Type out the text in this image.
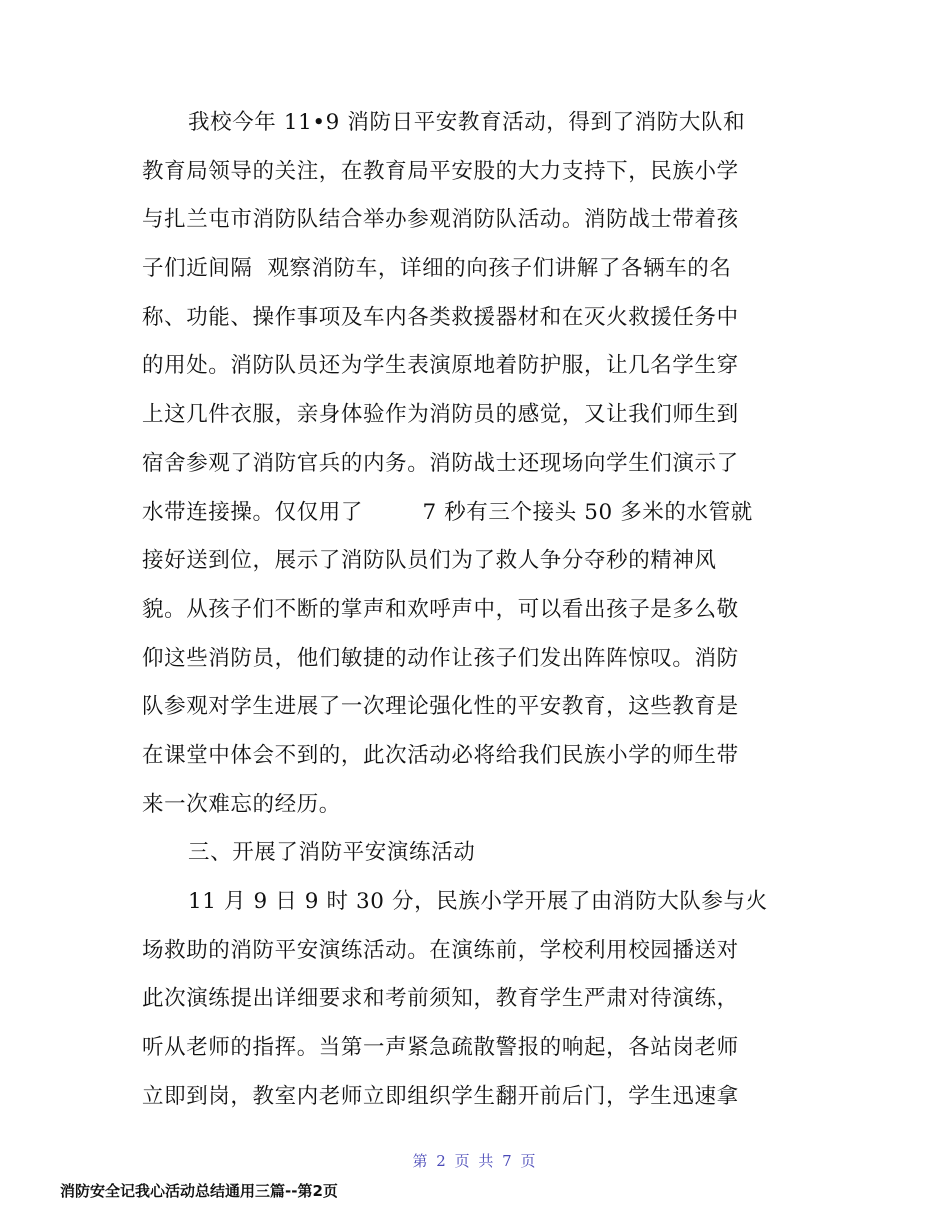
我校今年 11•9 消防日平安教育活动，得到了消防大队和
教育局领导的关注，在教育局平安股的大力支持下，民族小学
与扎兰屯市消防队结合举办参观消防队活动。消防战士带着孩
子们近间隔  观察消防车，详细的向孩子们讲解了各辆车的名
称、功能、操作事项及车内各类救援器材和在灭火救援任务中
的用处。消防队员还为学生表演原地着防护服，让几名学生穿
上这几件衣服，亲身体验作为消防员的感觉，又让我们师生到
宿舍参观了消防官兵的内务。消防战士还现场向学生们演示了
水带连接操。仅仅用了        7 秒有三个接头 50 多米的水管就
接好送到位，展示了消防队员们为了救人争分夺秒的精神风
貌。从孩子们不断的掌声和欢呼声中，可以看出孩子是多么敬
仰这些消防员，他们敏捷的动作让孩子们发出阵阵惊叹。消防
队参观对学生进展了一次理论强化性的平安教育，这些教育是
在课堂中体会不到的，此次活动必将给我们民族小学的师生带
来一次难忘的经历。
三、开展了消防平安演练活动
11 月 9 日 9 时 30 分，民族小学开展了由消防大队参与火
场救助的消防平安演练活动。在演练前，学校利用校园播送对
此次演练提出详细要求和考前须知，教育学生严肃对待演练，
听从老师的指挥。当第一声紧急疏散警报的响起，各站岗老师
立即到岗，教室内老师立即组织学生翻开前后门，学生迅速拿
第 2 页 共 7 页
消防安全记我心活动总结通用三篇--第2页
